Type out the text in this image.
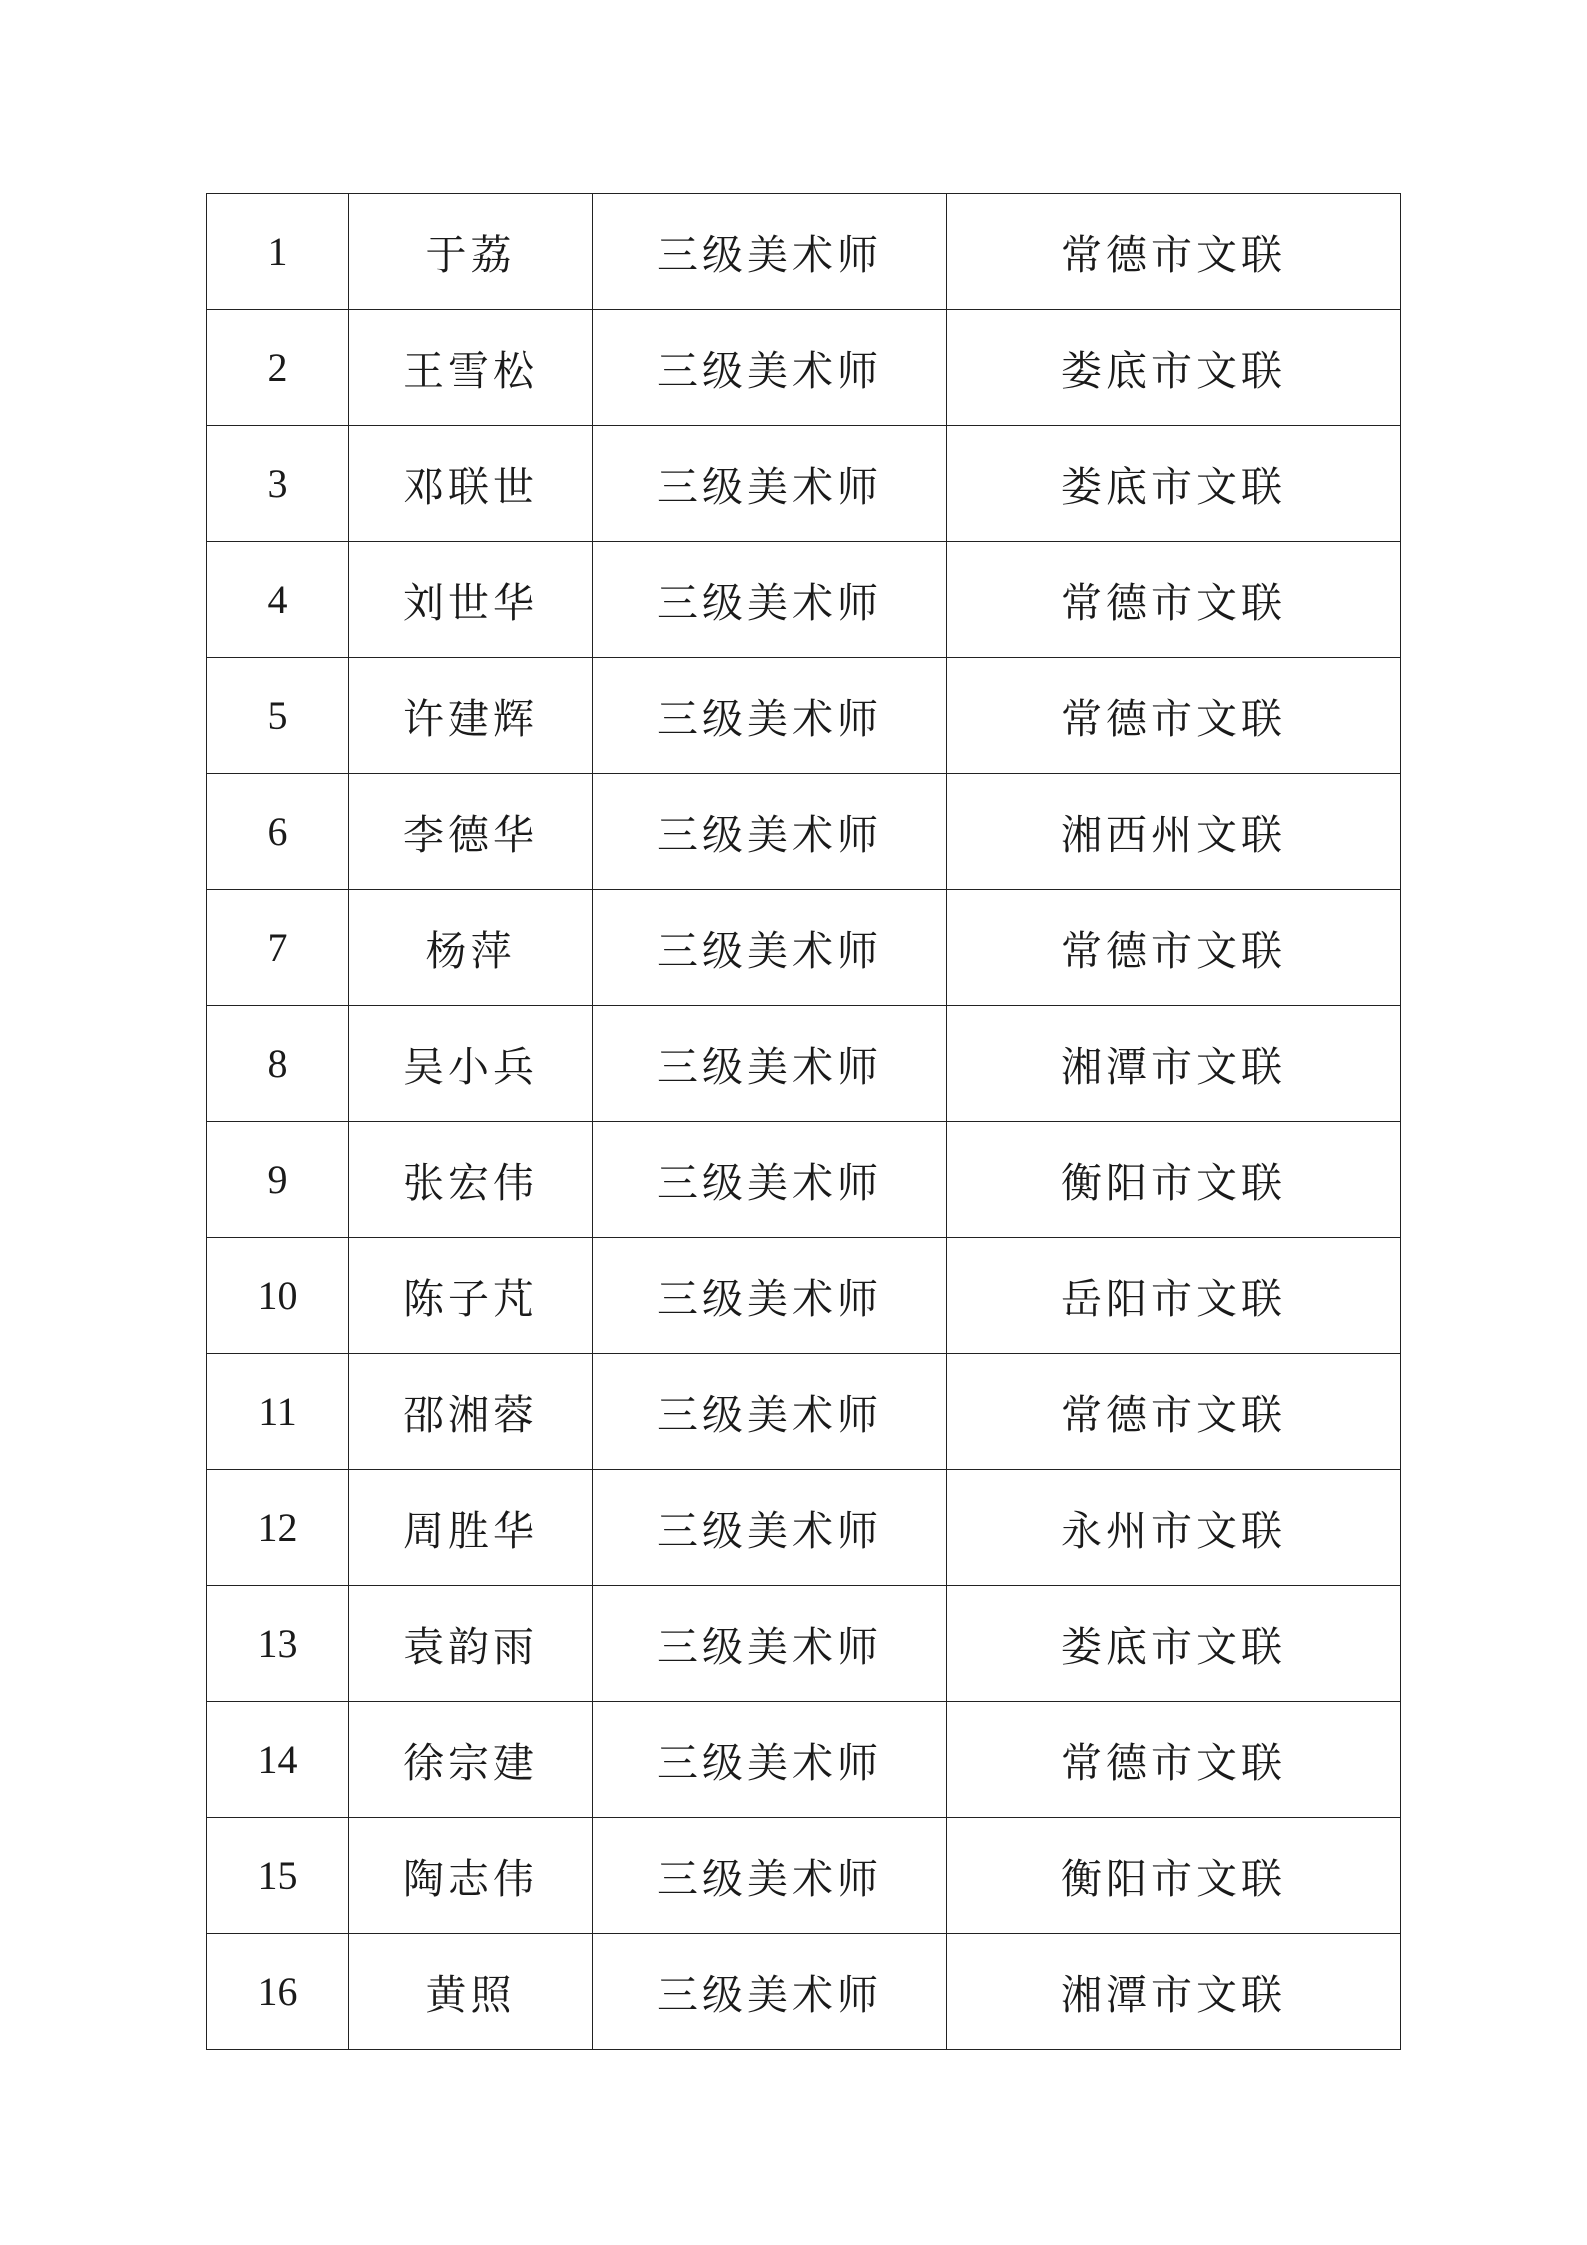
1	于荔	三级美术师	常德市文联
2	王雪松	三级美术师	娄底市文联
3	邓联世	三级美术师	娄底市文联
4	刘世华	三级美术师	常德市文联
5	许建辉	三级美术师	常德市文联
6	李德华	三级美术师	湘西州文联
7	杨萍	三级美术师	常德市文联
8	吴小兵	三级美术师	湘潭市文联
9	张宏伟	三级美术师	衡阳市文联
10	陈子芃	三级美术师	岳阳市文联
11	邵湘蓉	三级美术师	常德市文联
12	周胜华	三级美术师	永州市文联
13	袁韵雨	三级美术师	娄底市文联
14	徐宗建	三级美术师	常德市文联
15	陶志伟	三级美术师	衡阳市文联
16	黄照	三级美术师	湘潭市文联
